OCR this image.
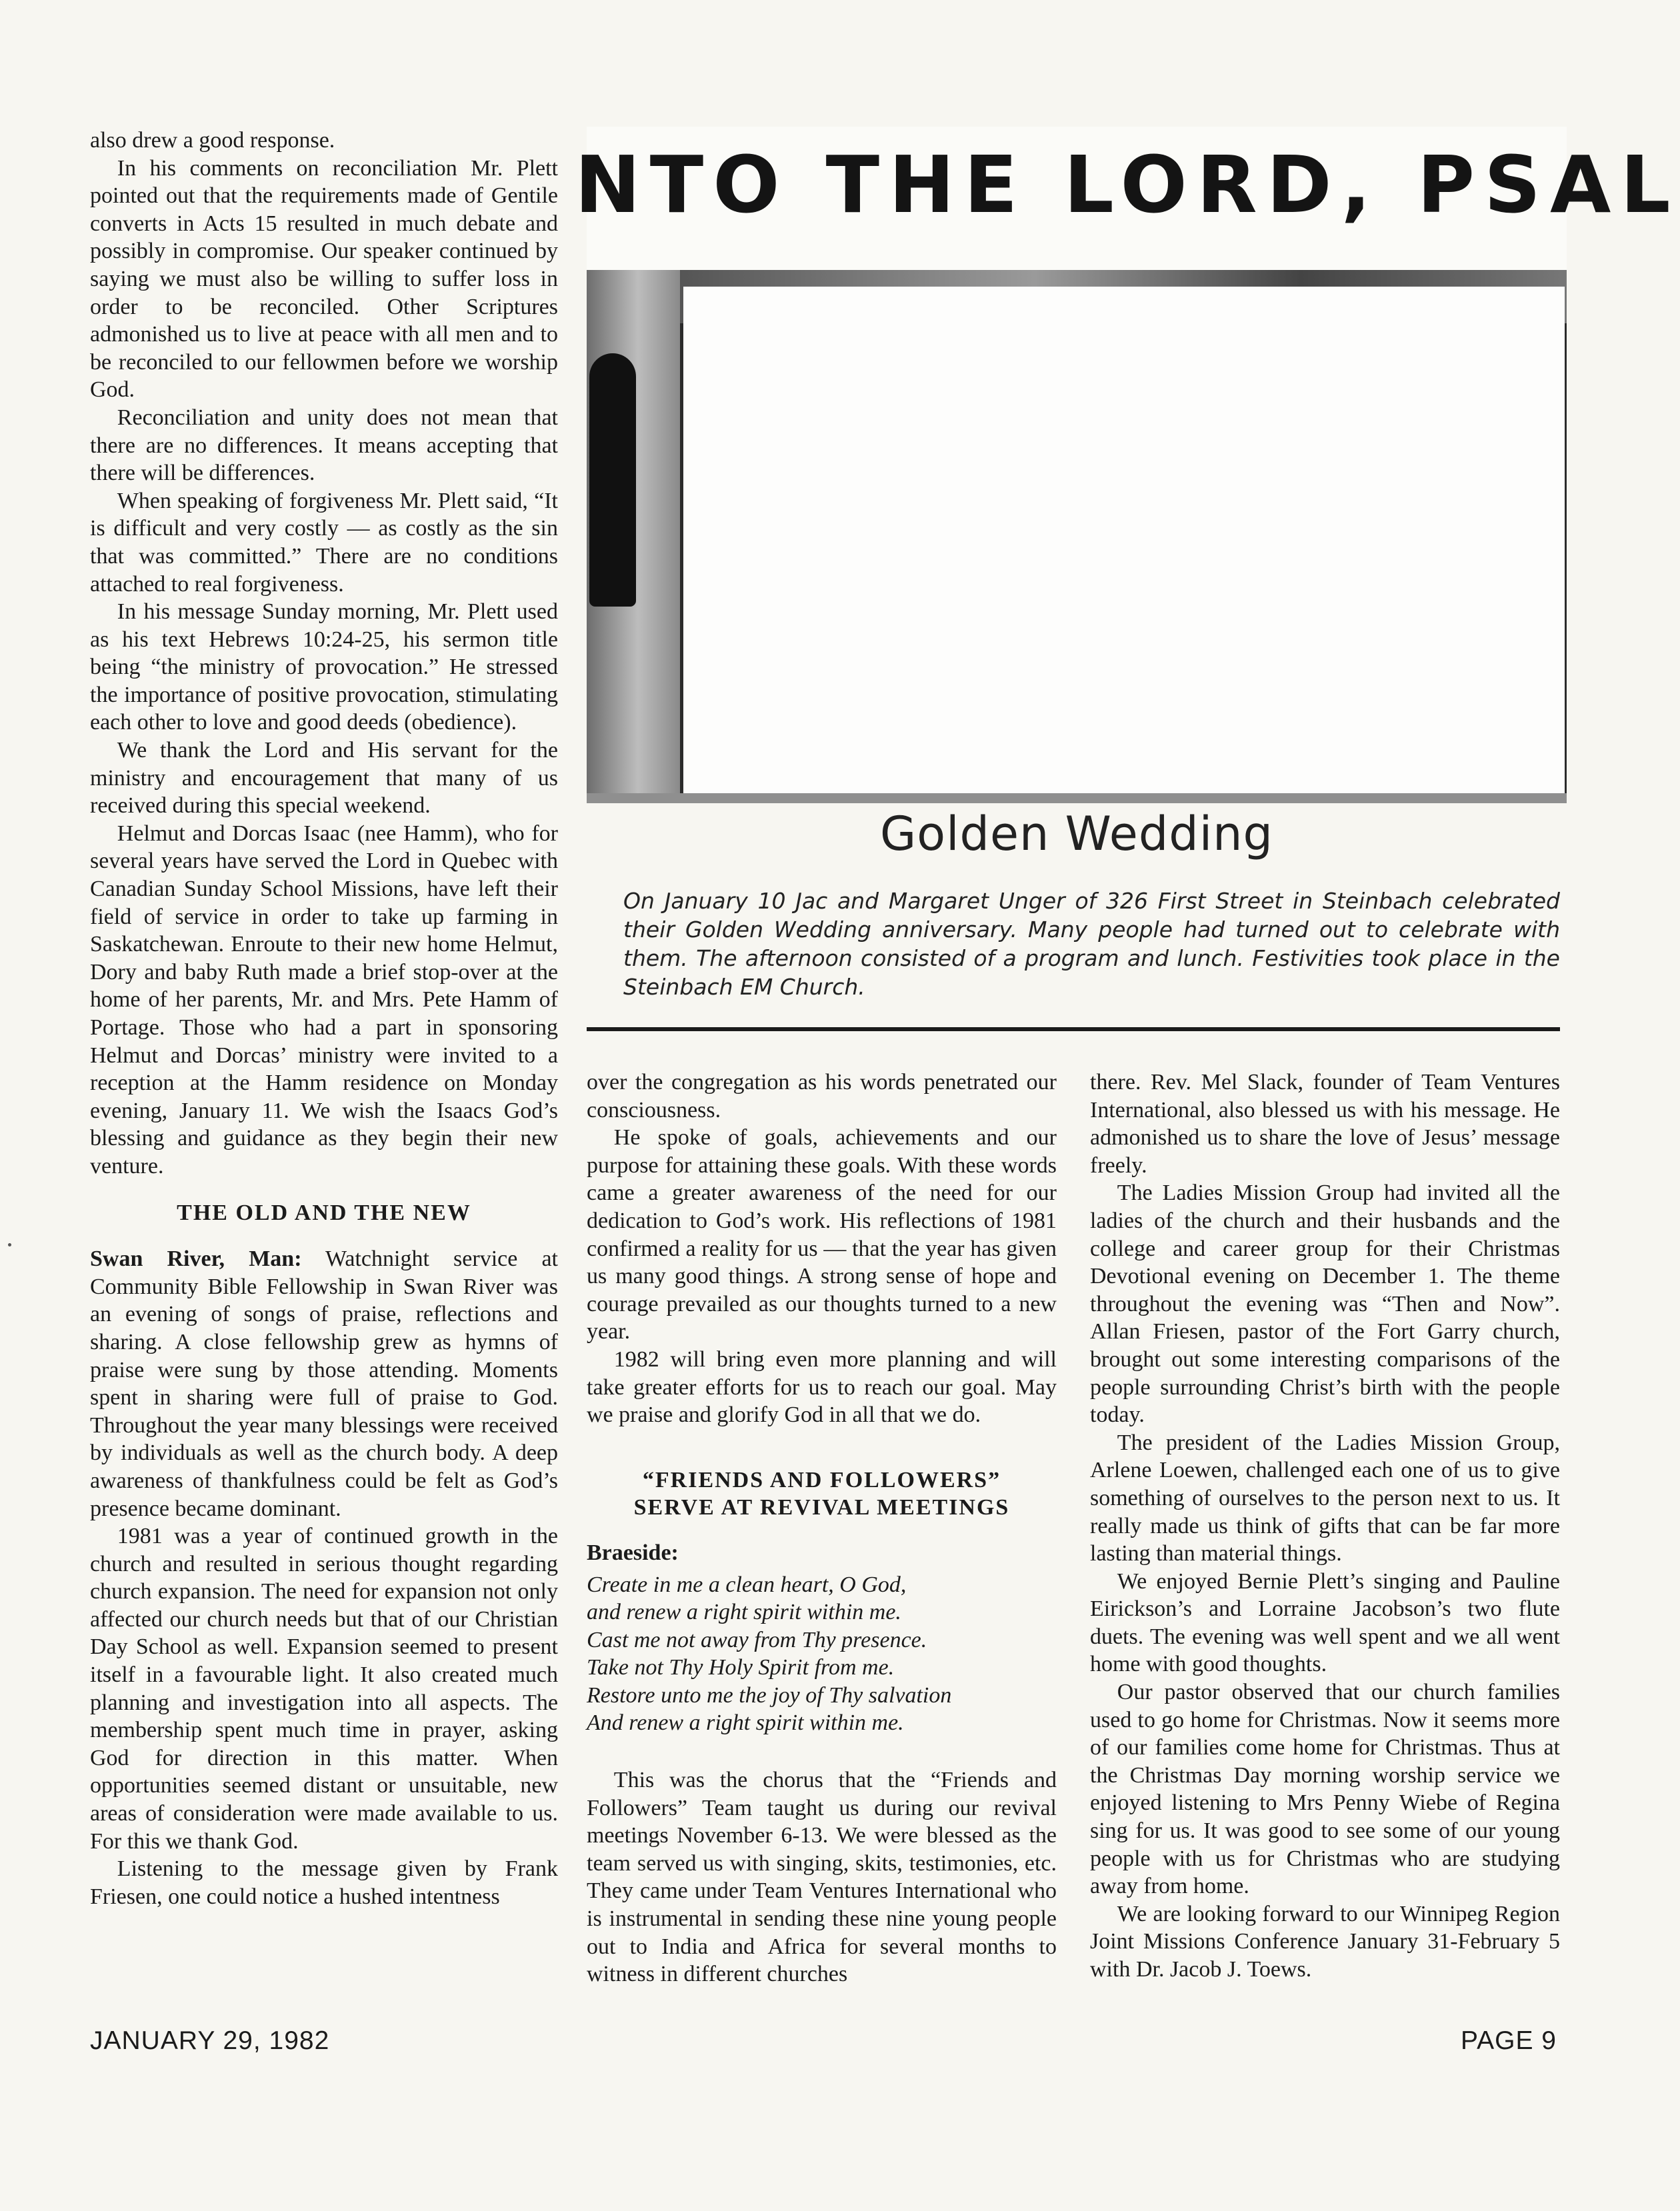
also drew a good response.

In his comments on reconciliation Mr. Plett pointed out that the requirements made of Gentile converts in Acts 15 resulted in much debate and possibly in compromise. Our speaker continued by saying we must also be willing to suffer loss in order to be reconciled. Other Scriptures admonished us to live at peace with all men and to be reconciled to our fellowmen before we worship God.

Reconciliation and unity does not mean that there are no differences. It means accepting that there will be differences.

When speaking of forgiveness Mr. Plett said, “It is difficult and very costly — as costly as the sin that was committed.” There are no conditions attached to real forgiveness.

In his message Sunday morning, Mr. Plett used as his text Hebrews 10:24-25, his sermon title being “the ministry of provocation.” He stressed the importance of positive provocation, stimulating each other to love and good deeds (obedience).

We thank the Lord and His servant for the ministry and encouragement that many of us received during this special weekend.

Helmut and Dorcas Isaac (nee Hamm), who for several years have served the Lord in Quebec with Canadian Sunday School Missions, have left their field of service in order to take up farming in Saskatchewan. Enroute to their new home Helmut, Dory and baby Ruth made a brief stop-over at the home of her parents, Mr. and Mrs. Pete Hamm of Portage. Those who had a part in sponsoring Helmut and Dorcas’ ministry were invited to a reception at the Hamm residence on Monday evening, January 11. We wish the Isaacs God’s blessing and guidance as they begin their new venture.

THE OLD AND THE NEW

Swan River, Man: Watchnight service at Community Bible Fellowship in Swan River was an evening of songs of praise, reflections and sharing. A close fellowship grew as hymns of praise were sung by those attending. Moments spent in sharing were full of praise to God. Throughout the year many blessings were received by individuals as well as the church body. A deep awareness of thankfulness could be felt as God’s presence became dominant.

1981 was a year of continued growth in the church and resulted in serious thought regarding church expansion. The need for expansion not only affected our church needs but that of our Christian Day School as well. Expansion seemed to present itself in a favourable light. It also created much planning and investigation into all aspects. The membership spent much time in prayer, asking God for direction in this matter. When opportunities seemed distant or unsuitable, new areas of consideration were made available to us. For this we thank God.

Listening to the message given by Frank Friesen, one could notice a hushed intentness

NTO THE LORD, PSAL
Golden Wedding
On January 10 Jac and Margaret Unger of 326 First Street in Steinbach celebrated their Golden Wedding anniversary. Many people had turned out to celebrate with them. The afternoon consisted of a program and lunch. Festivities took place in the Steinbach EM Church.

over the congregation as his words penetrated our consciousness.

He spoke of goals, achievements and our purpose for attaining these goals. With these words came a greater awareness of the need for our dedication to God’s work. His reflections of 1981 confirmed a reality for us — that the year has given us many good things. A strong sense of hope and courage prevailed as our thoughts turned to a new year.

1982 will bring even more planning and will take greater efforts for us to reach our goal. May we praise and glorify God in all that we do.

“FRIENDS AND FOLLOWERS”

SERVE AT REVIVAL MEETINGS

Braeside:

Create in me a clean heart, O God,
and renew a right spirit within me.
Cast me not away from Thy presence.
Take not Thy Holy Spirit from me.
Restore unto me the joy of Thy salvation
And renew a right spirit within me.

This was the chorus that the “Friends and Followers” Team taught us during our revival meetings November 6-13. We were blessed as the team served us with singing, skits, testimonies, etc. They came under Team Ventures International who is instrumental in sending these nine young people out to India and Africa for several months to witness in different churches

there. Rev. Mel Slack, founder of Team Ventures International, also blessed us with his message. He admonished us to share the love of Jesus’ message freely.

The Ladies Mission Group had invited all the ladies of the church and their husbands and the college and career group for their Christmas Devotional evening on December 1. The theme throughout the evening was “Then and Now”. Allan Friesen, pastor of the Fort Garry church, brought out some interesting comparisons of the people surrounding Christ’s birth with the people today.

The president of the Ladies Mission Group, Arlene Loewen, challenged each one of us to give something of ourselves to the person next to us. It really made us think of gifts that can be far more lasting than material things.

We enjoyed Bernie Plett’s singing and Pauline Eirickson’s and Lorraine Jacobson’s two flute duets. The evening was well spent and we all went home with good thoughts.

Our pastor observed that our church families used to go home for Christmas. Now it seems more of our families come home for Christmas. Thus at the Christmas Day morning worship service we enjoyed listening to Mrs Penny Wiebe of Regina sing for us. It was good to see some of our young people with us for Christmas who are studying away from home.

We are looking forward to our Winnipeg Region Joint Missions Conference January 31-February 5 with Dr. Jacob J. Toews.

JANUARY 29, 1982	PAGE 9
